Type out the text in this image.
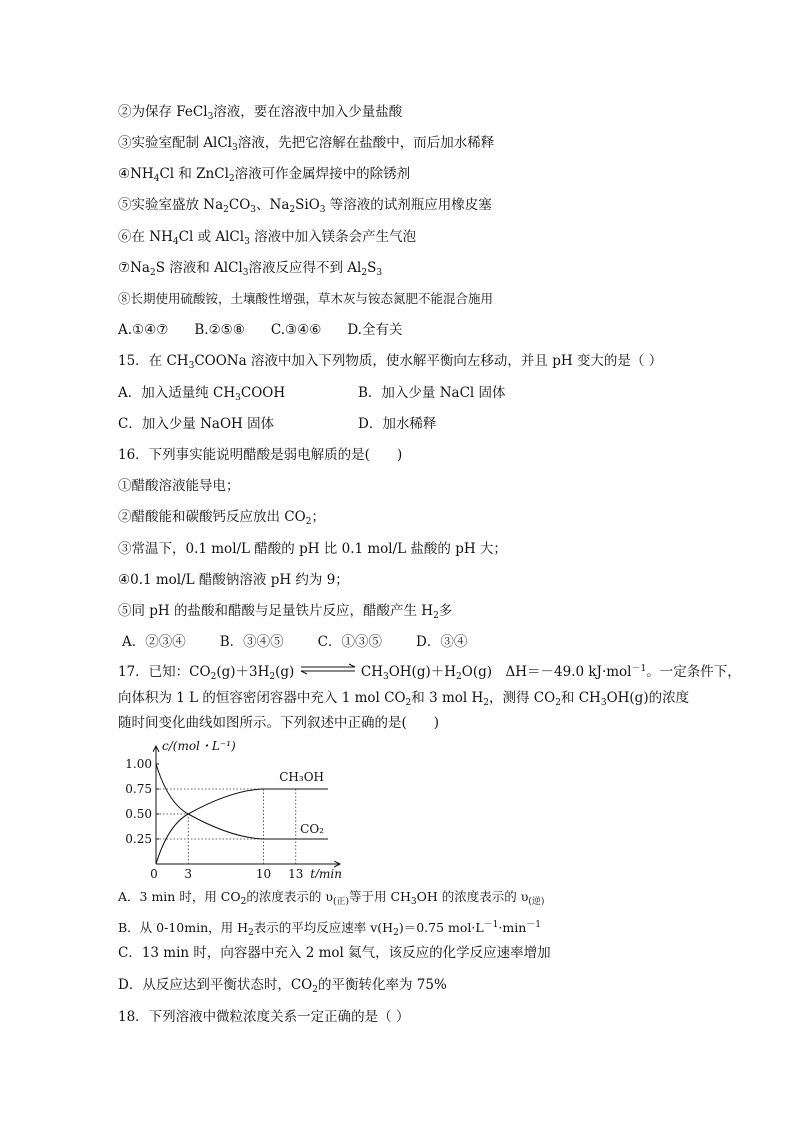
②为保存 FeCl$_3$溶液，要在溶液中加入少量盐酸
③实验室配制 AlCl$_3$溶液，先把它溶解在盐酸中，而后加水稀释
$④NH_4Cl$ 和 ZnCl$_2$溶液可作金属焊接中的除锈剂
⑤实验室盛放 $Na_2CO_3$、$Na_2SiO_3$ 等溶液的试剂瓶应用橡皮塞
⑥在 $NH_4Cl$ 或 AlCl$_3$ 溶液中加入镁条会产生气泡
$⑦Na_2S$ 溶液和 AlCl$_3$溶液反应得不到 $Al_2S_3$
⑧长期使用硫酸铵，土壤酸性增强，草木灰与铵态氮肥不能混合施用
A.①④⑦ B.②⑤⑧ C.③④⑥ D.全有关
15．在 $CH_3COONa$ 溶液中加入下列物质，使水解平衡向左移动，并且 pH 变大的是（ ）
A．加入适量纯 $CH_3COOH$	B．加入少量 NaCl 固体
C．加入少量 NaOH 固体	D．加水稀释
16．下列事实能说明醋酸是弱电解质的是(　　)
①醋酸溶液能导电；
②醋酸能和碳酸钙反应放出 $CO_2$；
③常温下，0.1 mol/L 醋酸的 pH 比 0.1 mol/L 盐酸的 pH 大；
④0.1 mol/L 醋酸钠溶液 pH 约为 9；
⑤同 pH 的盐酸和醋酸与足量铁片反应，醋酸产生 $H_2$多
A．②③④	B．③④⑤	C．①③⑤	D．③④
17．已知：$CO_2(g)+3H_2(g)$	$CH_3OH(g)+H_2O(g)$　ΔH＝－49.0 kJ·mol$^{-1}$。一定条件下，
向体积为 1 L 的恒容密闭容器中充入 1 mol $CO_2$和 3 mol $H_2$，测得 $CO_2$和 $CH_3OH(g)$的浓度
随时间变化曲线如图所示。下列叙述中正确的是(　　)
0.25
0.50
0.75
1.00
0 3	10 13
CH₃OH
CO₂
c/(mol・L⁻¹)
t/min
A．3 min 时，用 $CO_2$的浓度表示的 $\upsilon_{(正)}$等于用 $CH_3OH$ 的浓度表示的 $\upsilon_{(逆)}$
B．从 0-10min，用 $H_2$表示的平均反应速率 $v(H_2)=0.75$ $mol\cdot L^{-1}\cdot\min^{-1}$
C．13 min 时，向容器中充入 2 mol 氦气，该反应的化学反应速率增加
D．从反应达到平衡状态时，$CO_2$的平衡转化率为 75%
18．下列溶液中微粒浓度关系一定正确的是（ ）
